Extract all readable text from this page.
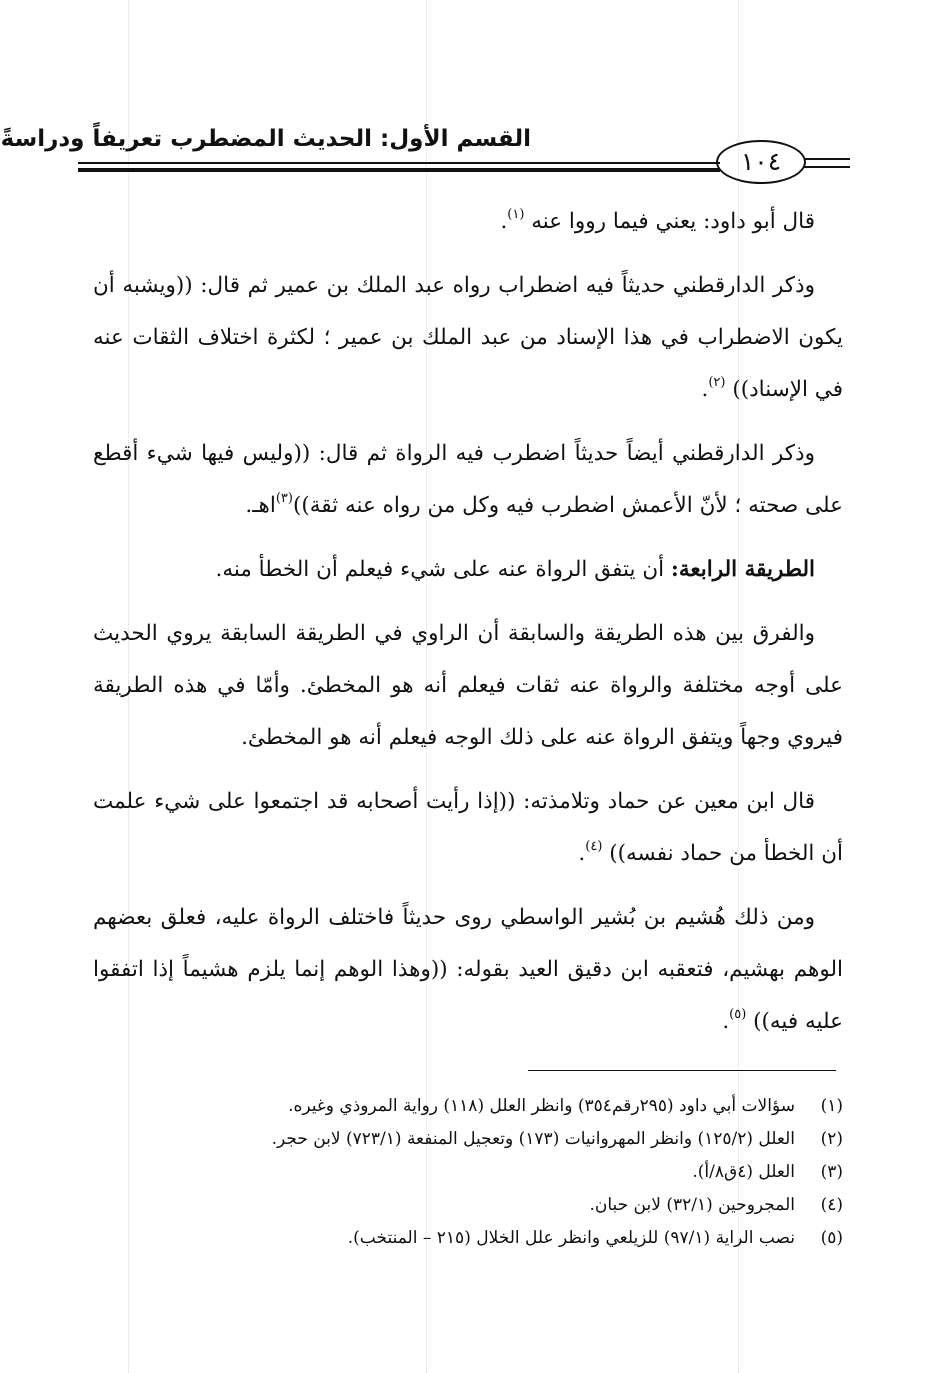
القسم الأول: الحديث المضطرب تعريفاً ودراسةً
١٠٤

قال أبو داود: يعني فيما رووا عنه $^{(١)}$.

وذكر الدارقطني حديثاً فيه اضطراب رواه عبد الملك بن عمير ثم قال: ((ويشبه أن يكون الاضطراب في هذا الإسناد من عبد الملك بن عمير ؛ لكثرة اختلاف الثقات عنه في الإسناد)) $^{(٢)}$.

وذكر الدارقطني أيضاً حديثاً اضطرب فيه الرواة ثم قال: ((وليس فيها شيء أقطع على صحته ؛ لأنّ الأعمش اضطرب فيه وكل من رواه عنه ثقة))$^{(٣)}$اهـ.

الطريقة الرابعة: أن يتفق الرواة عنه على شيء فيعلم أن الخطأ منه.

والفرق بين هذه الطريقة والسابقة أن الراوي في الطريقة السابقة يروي الحديث على أوجه مختلفة والرواة عنه ثقات فيعلم أنه هو المخطئ. وأمّا في هذه الطريقة فيروي وجهاً ويتفق الرواة عنه على ذلك الوجه فيعلم أنه هو المخطئ.

قال ابن معين عن حماد وتلامذته: ((إذا رأيت أصحابه قد اجتمعوا على شيء علمت أن الخطأ من حماد نفسه)) $^{(٤)}$.

ومن ذلك هُشيم بن بُشير الواسطي روى حديثاً فاختلف الرواة عليه، فعلق بعضهم الوهم بهشيم، فتعقبه ابن دقيق العيد بقوله: ((وهذا الوهم إنما يلزم هشيماً إذا اتفقوا عليه فيه)) $^{(٥)}$.

(١)سؤالات أبي داود (٢٩٥رقم٣٥٤) وانظر العلل (١١٨) رواية المروذي وغيره.
(٢)العلل (١٢٥/٢) وانظر المهروانيات (١٧٣) وتعجيل المنفعة (٧٢٣/١) لابن حجر.
(٣)العلل (٤ق٨/أ).
(٤)المجروحين (٣٢/١) لابن حبان.
(٥)نصب الراية (٩٧/١) للزيلعي وانظر علل الخلال (٢١٥ – المنتخب).
